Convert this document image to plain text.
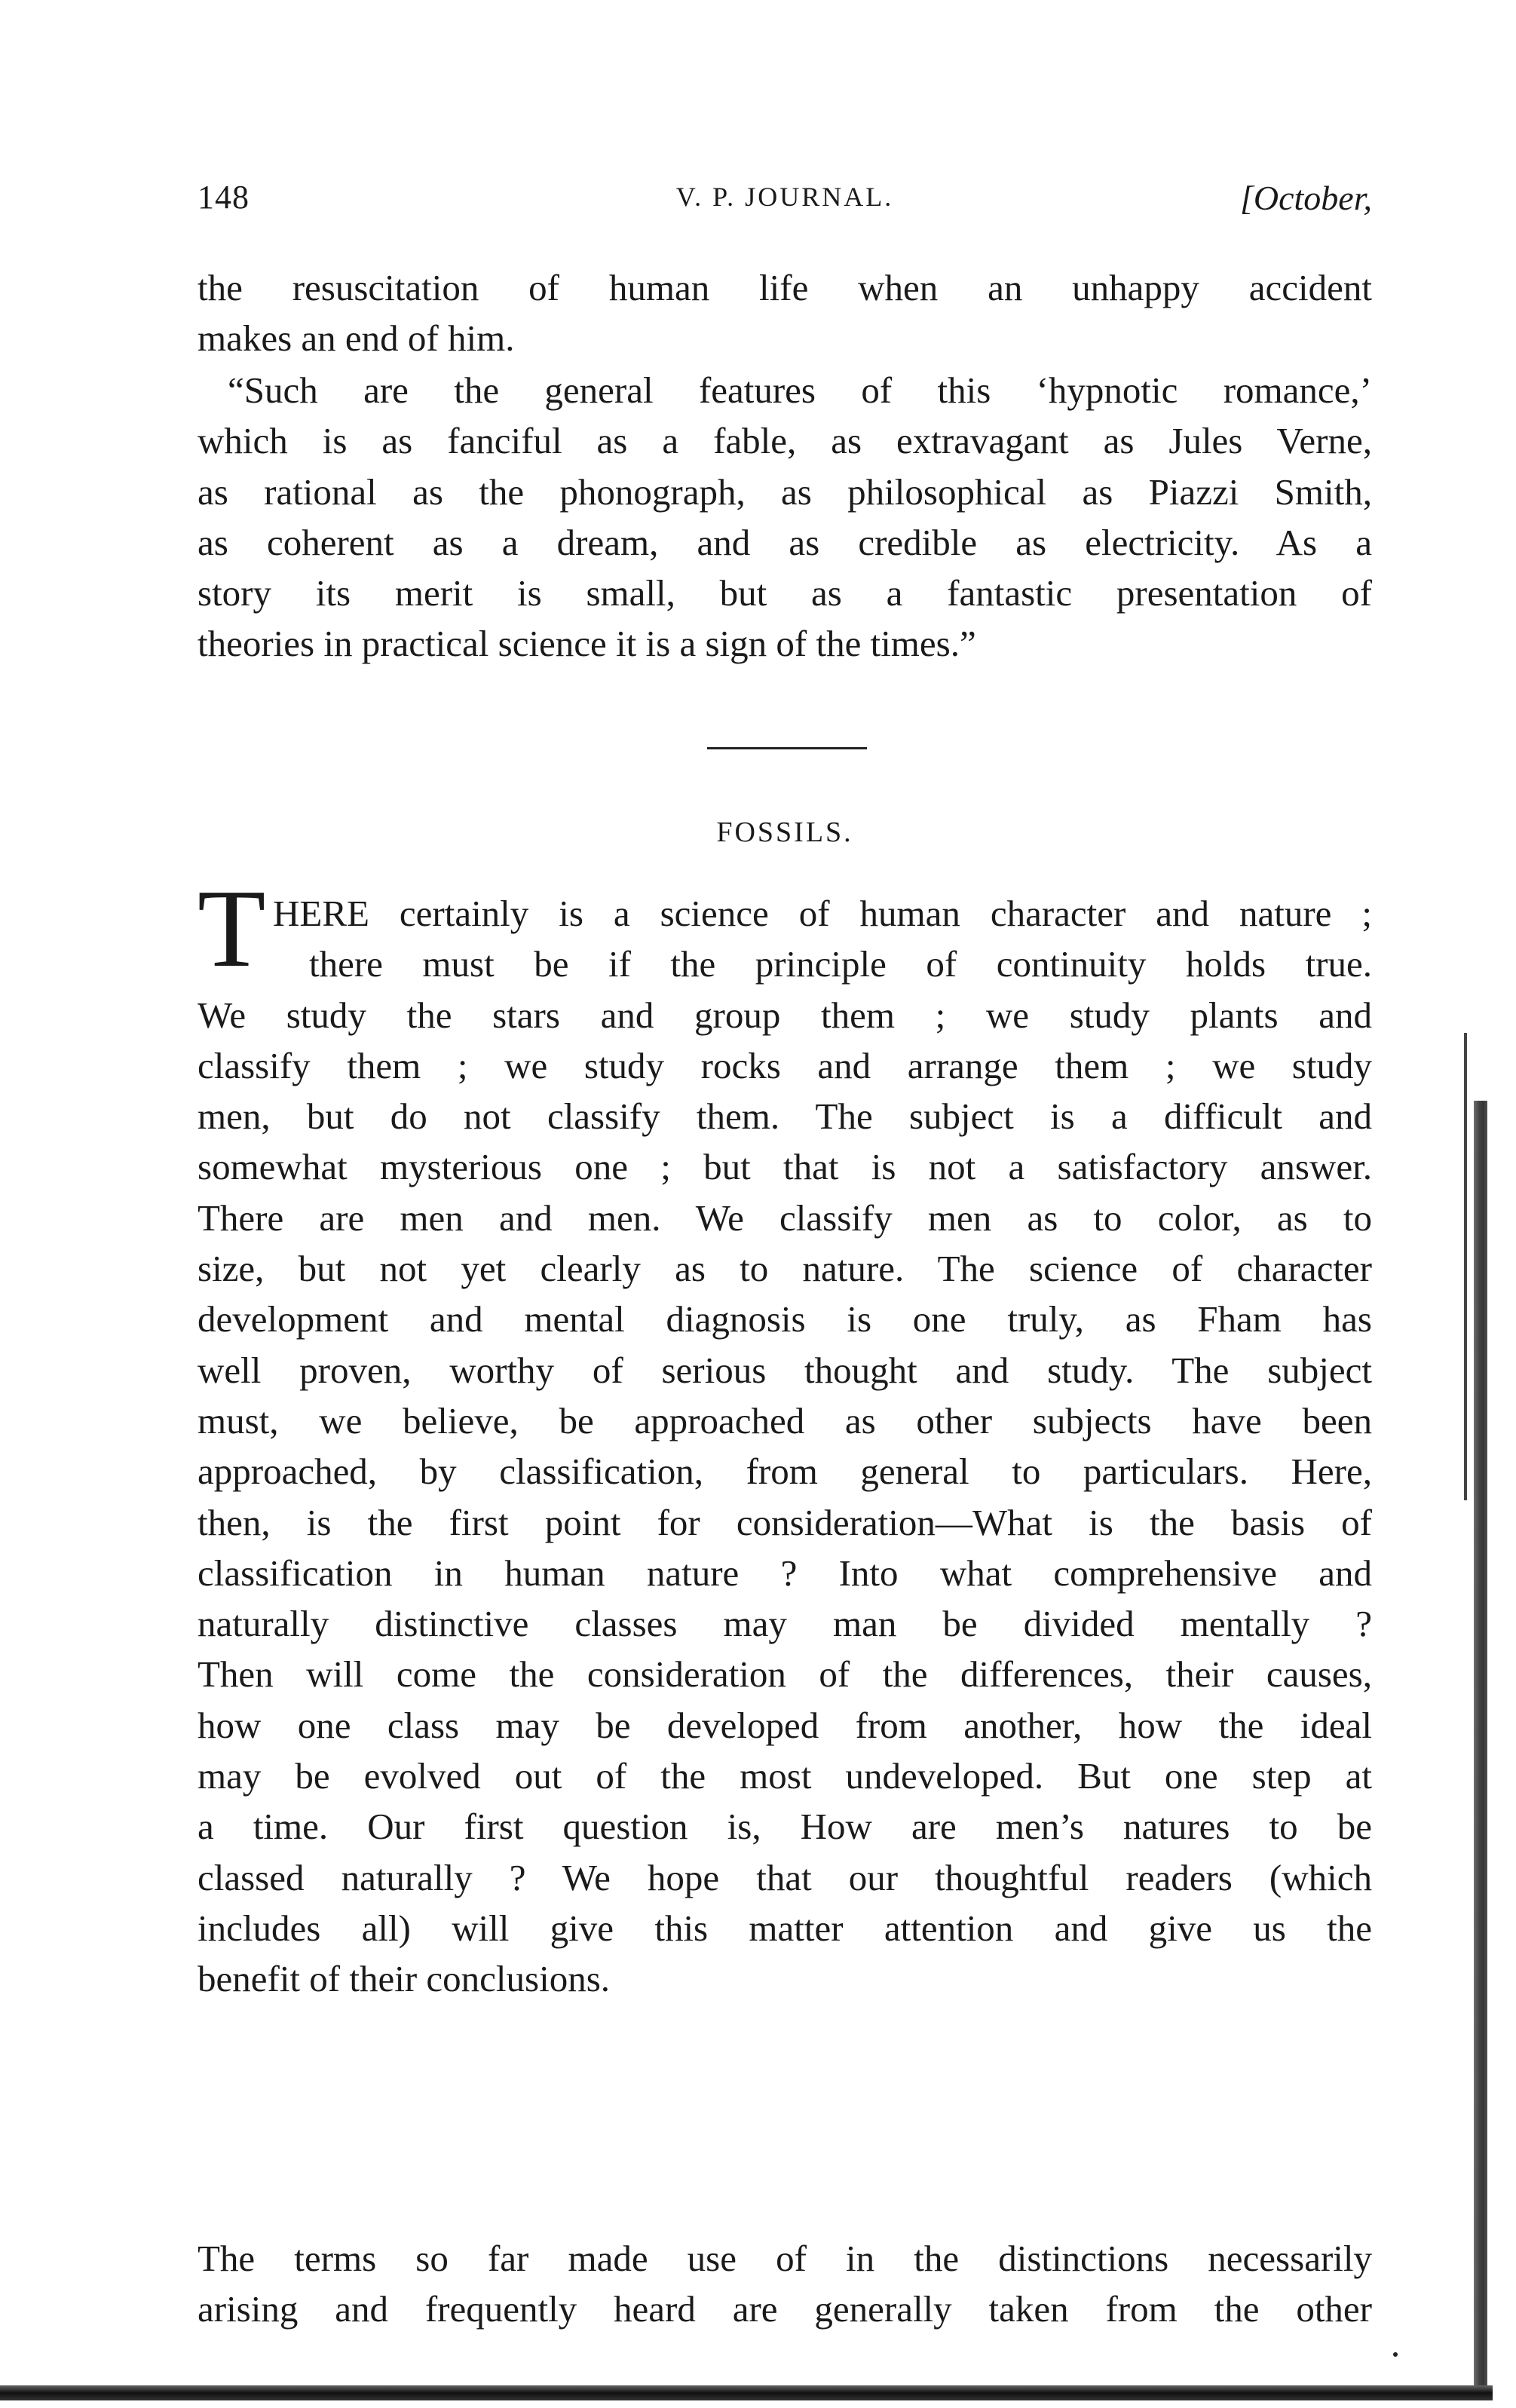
148	V. P. JOURNAL.	[October,
the resuscitation of human life when an unhappy accident
makes an end of him.
“Such are the general features of this ‘hypnotic romance,’
which is as fanciful as a fable, as extravagant as Jules Verne,
as rational as the phonograph, as philosophical as Piazzi Smith,
as coherent as a dream, and as credible as electricity. As a
story its merit is small, but as a fantastic presentation of
theories in practical science it is a sign of the times.”
FOSSILS.
T HERE certainly is a science of human character and nature ;
there must be if the principle of continuity holds true.
We study the stars and group them ; we study plants and
classify them ; we study rocks and arrange them ; we study
men, but do not classify them. The subject is a difficult and
somewhat mysterious one ; but that is not a satisfactory answer.
There are men and men. We classify men as to color, as to
size, but not yet clearly as to nature. The science of character
development and mental diagnosis is one truly, as Fham has
well proven, worthy of serious thought and study. The subject
must, we believe, be approached as other subjects have been
approached, by classification, from general to particulars. Here,
then, is the first point for consideration—What is the basis of
classification in human nature ? Into what comprehensive and
naturally distinctive classes may man be divided mentally ?
Then will come the consideration of the differences, their causes,
how one class may be developed from another, how the ideal
may be evolved out of the most undeveloped. But one step at
a time. Our first question is, How are men’s natures to be
classed naturally ? We hope that our thoughtful readers (which
includes all) will give this matter attention and give us the
benefit of their conclusions.
The terms so far made use of in the distinctions necessarily
arising and frequently heard are generally taken from the other
